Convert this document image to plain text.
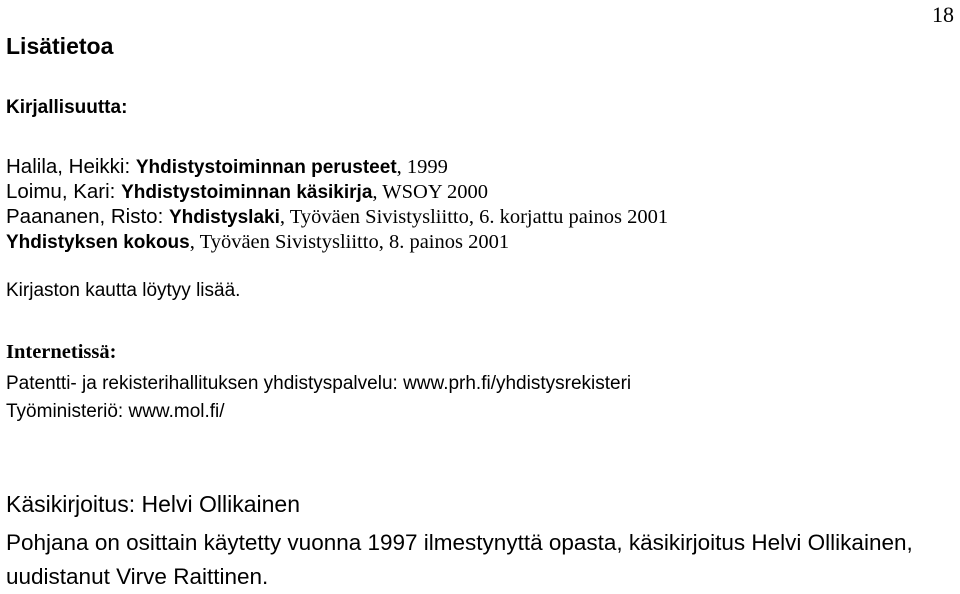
18
Lisätietoa
Kirjallisuutta:
Halila, Heikki: Yhdistystoiminnan perusteet, 1999
Loimu, Kari: Yhdistystoiminnan käsikirja, WSOY 2000
Paananen, Risto: Yhdistyslaki, Työväen Sivistysliitto, 6. korjattu painos 2001
Yhdistyksen kokous, Työväen Sivistysliitto, 8. painos 2001
Kirjaston kautta löytyy lisää.
Internetissä:
Patentti- ja rekisterihallituksen yhdistyspalvelu: www.prh.fi/yhdistysrekisteri
Työministeriö: www.mol.fi/
Käsikirjoitus: Helvi Ollikainen
Pohjana on osittain käytetty vuonna 1997 ilmestynyttä opasta, käsikirjoitus Helvi Ollikainen, uudistanut Virve Raittinen.
